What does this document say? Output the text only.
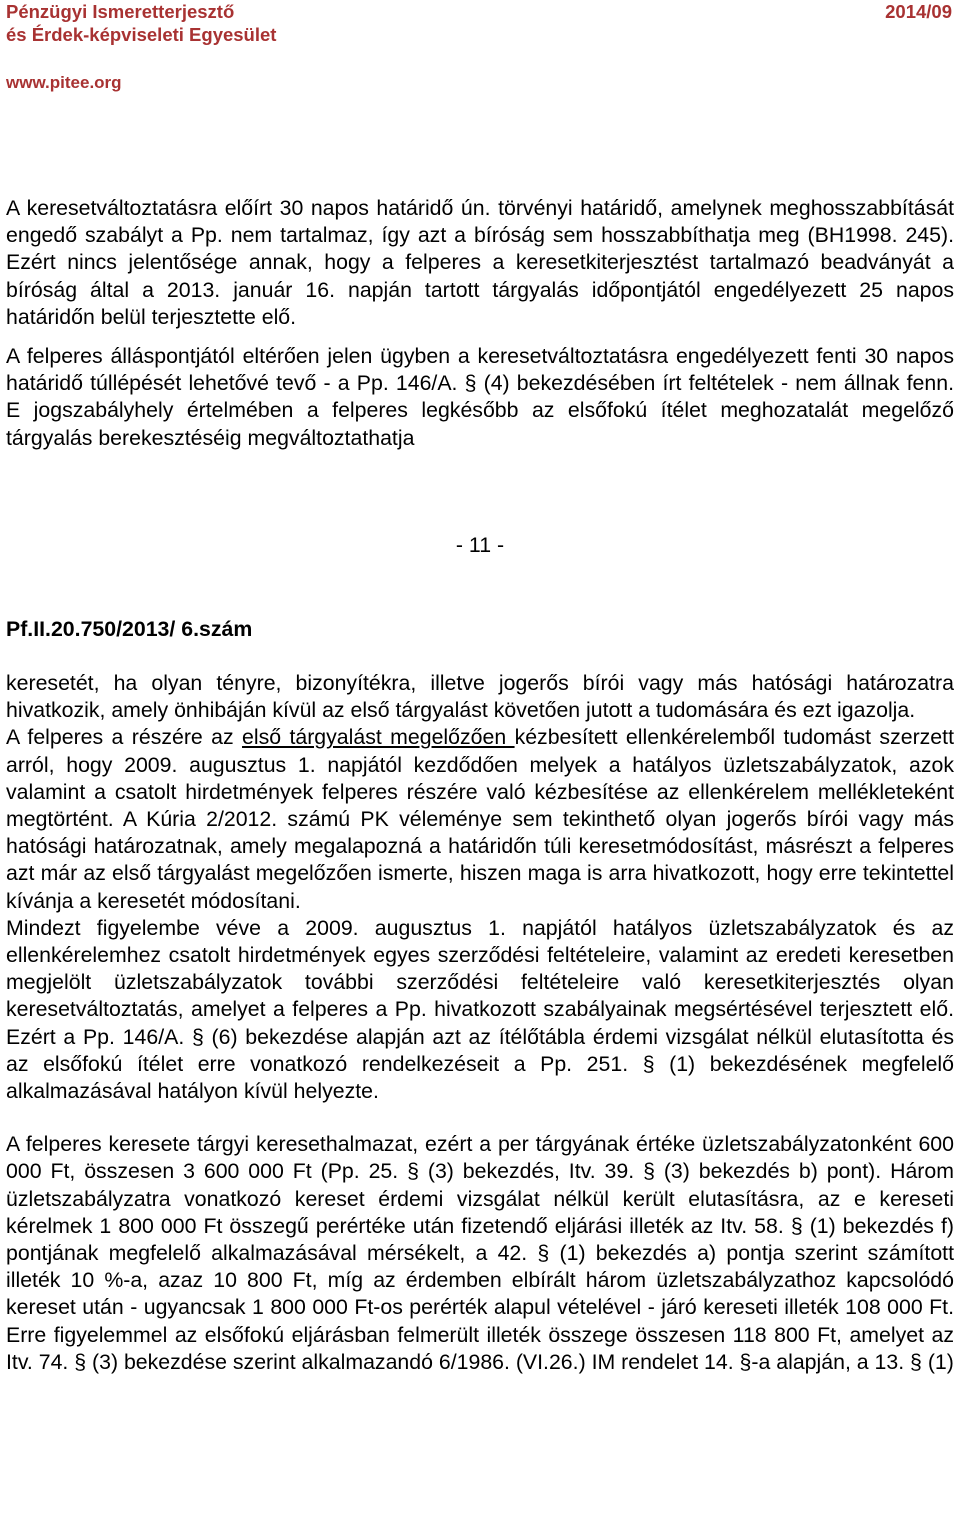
Pénzügyi Ismeretterjesztő
és Érdek-képviseleti Egyesület
2014/09
www.pitee.org

A keresetváltoztatásra előírt 30 napos határidő ún. törvényi határidő, amelynek meghosszabbítását engedő szabályt a Pp. nem tartalmaz, így azt a bíróság sem hosszabbíthatja meg (BH1998. 245). Ezért nincs jelentősége annak, hogy a felperes a keresetkiterjesztést tartalmazó beadványát a bíróság által a 2013. január 16. napján tartott tárgyalás időpontjától engedélyezett 25 napos határidőn belül terjesztette elő.

A felperes álláspontjától eltérően jelen ügyben a keresetváltoztatásra engedélyezett fenti 30 napos határidő túllépését lehetővé tevő - a Pp. 146/A. § (4) bekezdésében írt feltételek - nem állnak fenn. E jogszabályhely értelmében a felperes legkésőbb az elsőfokú ítélet meghozatalát megelőző tárgyalás berekesztéséig megváltoztathatja

- 11 -
Pf.II.20.750/2013/ 6.szám

keresetét, ha olyan tényre, bizonyítékra, illetve jogerős bírói vagy más hatósági határozatra hivatkozik, amely önhibáján kívül az első tárgyalást követően jutott a tudomására és ezt igazolja.

A felperes a részére az első tárgyalást megelőzően kézbesített ellenkérelemből tudomást szerzett arról, hogy 2009. augusztus 1. napjától kezdődően melyek a hatályos üzletszabályzatok, azok valamint a csatolt hirdetmények felperes részére való kézbesítése az ellenkérelem mellékleteként megtörtént. A Kúria 2/2012. számú PK véleménye sem tekinthető olyan jogerős bírói vagy más hatósági határozatnak, amely megalapozná a határidőn túli keresetmódosítást, másrészt a felperes azt már az első tárgyalást megelőzően ismerte, hiszen maga is arra hivatkozott, hogy erre tekintettel kívánja a keresetét módosítani.

Mindezt figyelembe véve a 2009. augusztus 1. napjától hatályos üzletszabályzatok és az ellenkérelemhez csatolt hirdetmények egyes szerződési feltételeire, valamint az eredeti keresetben megjelölt üzletszabályzatok további szerződési feltételeire való keresetkiterjesztés olyan keresetváltoztatás, amelyet a felperes a Pp. hivatkozott szabályainak megsértésével terjesztett elő. Ezért a Pp. 146/A. § (6) bekezdése alapján azt az ítélőtábla érdemi vizsgálat nélkül elutasította és az elsőfokú ítélet erre vonatkozó rendelkezéseit a Pp. 251. § (1) bekezdésének megfelelő alkalmazásával hatályon kívül helyezte.

A felperes keresete tárgyi keresethalmazat, ezért a per tárgyának értéke üzletszabályzatonként 600 000 Ft, összesen 3 600 000 Ft (Pp. 25. § (3) bekezdés, Itv. 39. § (3) bekezdés b) pont). Három üzletszabályzatra vonatkozó kereset érdemi vizsgálat nélkül került elutasításra, az e kereseti kérelmek 1 800 000 Ft összegű perértéke után fizetendő eljárási illeték az Itv. 58. § (1) bekezdés f) pontjának megfelelő alkalmazásával mérsékelt, a 42. § (1) bekezdés a) pontja szerint számított illeték 10 %-a, azaz 10 800 Ft, míg az érdemben elbírált három üzletszabályzathoz kapcsolódó kereset után - ugyancsak 1 800 000 Ft-os perérték alapul vételével - járó kereseti illeték 108 000 Ft. Erre figyelemmel az elsőfokú eljárásban felmerült illeték összege összesen 118 800 Ft, amelyet az Itv. 74. § (3) bekezdése szerint alkalmazandó 6/1986. (VI.26.) IM rendelet 14. §-a alapján, a 13. § (1)
